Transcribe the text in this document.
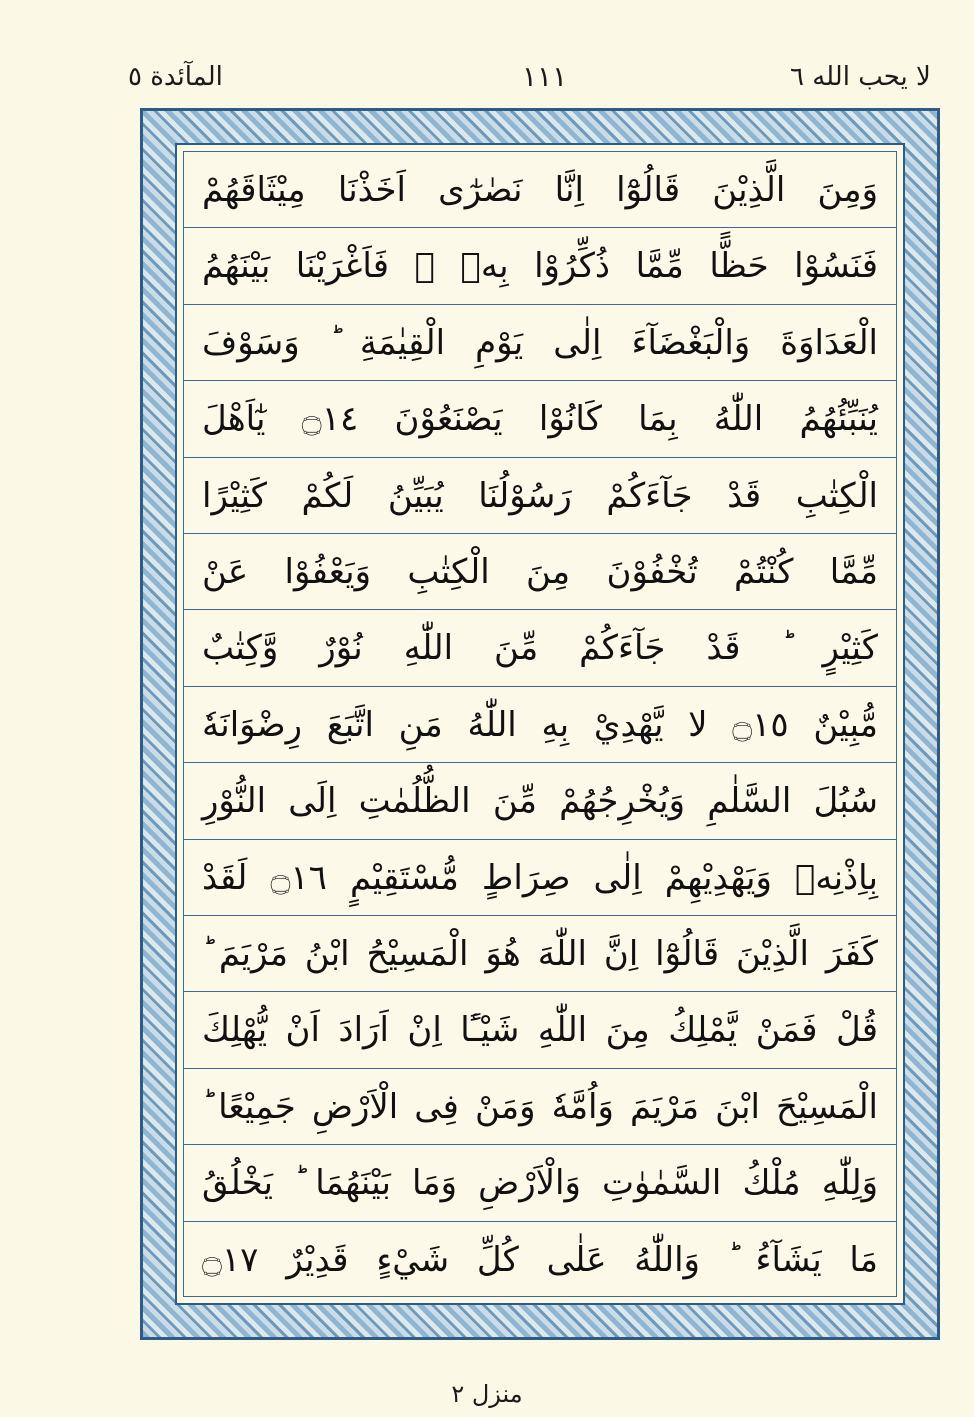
المآئدة ٥	١١١	لا يحب الله ٦
وَمِنَ الَّذِيْنَ قَالُوْٓا اِنَّا نَصٰرٰٓى اَخَذْنَا مِيْثَاقَهُمْ
فَنَسُوْا حَظًّا مِّمَّا ذُكِّرُوْا بِهٖ ۪ فَاَغْرَيْنَا بَيْنَهُمُ
الْعَدَاوَةَ وَالْبَغْضَآءَ اِلٰى يَوْمِ الْقِيٰمَةِ ؕ وَسَوْفَ
يُنَبِّئُهُمُ اللّٰهُ بِمَا كَانُوْا يَصْنَعُوْنَ ۝١٤ يٰٓاَهْلَ
الْكِتٰبِ قَدْ جَآءَكُمْ رَسُوْلُنَا يُبَيِّنُ لَكُمْ كَثِيْرًا
مِّمَّا كُنْتُمْ تُخْفُوْنَ مِنَ الْكِتٰبِ وَيَعْفُوْا عَنْ
كَثِيْرٍ ؕ قَدْ جَآءَكُمْ مِّنَ اللّٰهِ نُوْرٌ وَّكِتٰبٌ
مُّبِيْنٌ ۝١٥ لا يَّهْدِيْ بِهِ اللّٰهُ مَنِ اتَّبَعَ رِضْوَانَهٗ
سُبُلَ السَّلٰمِ وَيُخْرِجُهُمْ مِّنَ الظُّلُمٰتِ اِلَى النُّوْرِ
بِاِذْنِهٖ وَيَهْدِيْهِمْ اِلٰى صِرَاطٍ مُّسْتَقِيْمٍ ۝١٦ لَقَدْ
كَفَرَ الَّذِيْنَ قَالُوْٓا اِنَّ اللّٰهَ هُوَ الْمَسِيْحُ ابْنُ مَرْيَمَ ؕ
قُلْ فَمَنْ يَّمْلِكُ مِنَ اللّٰهِ شَيْـًٔا اِنْ اَرَادَ اَنْ يُّهْلِكَ
الْمَسِيْحَ ابْنَ مَرْيَمَ وَاُمَّهٗ وَمَنْ فِى الْاَرْضِ جَمِيْعًا ؕ
وَلِلّٰهِ مُلْكُ السَّمٰوٰتِ وَالْاَرْضِ وَمَا بَيْنَهُمَا ؕ يَخْلُقُ
مَا يَشَآءُ ؕ وَاللّٰهُ عَلٰى كُلِّ شَيْءٍ قَدِيْرٌ ۝١٧
منزل ٢
